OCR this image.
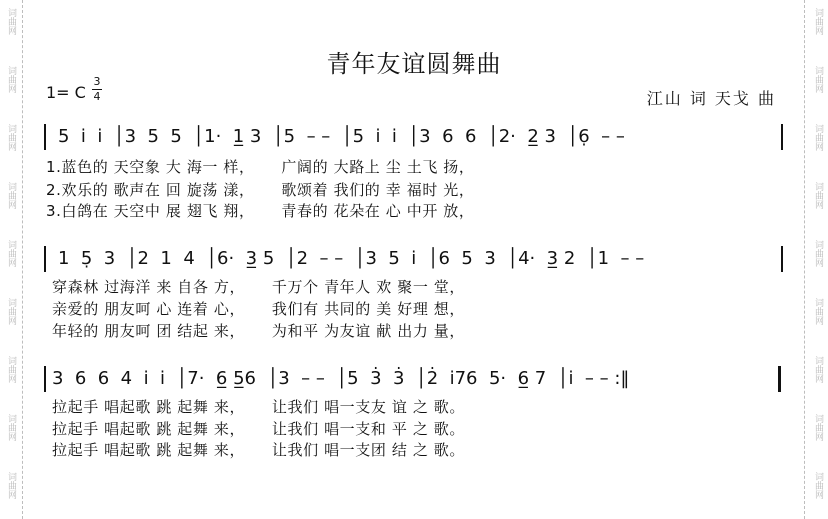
词曲网
词曲网
词曲网
词曲网
词曲网
词曲网
词曲网
词曲网
词曲网
词曲网
词曲网
词曲网
词曲网
词曲网
词曲网
词曲网
词曲网
词曲网
青年友谊圆舞曲
1= C
3
4	江山 词 天戈 曲
5  i̇  i̇  │3  5  5  │1·  1̲ 3  │5  – –  │5  i̇  i̇  │3  6  6  │2·  2̲ 3  │6̣  – –
1.蓝色的 天空象 大 海一 样，     广阔的 大路上 尘 土飞 扬，
2.欢乐的 歌声在 回 旋荡 漾，     歌颂着 我们的 幸 福时 光，
3.白鸽在 天空中 展 翅飞 翔，     青春的 花朵在 心 中开 放，
1  5̣  3  │2  1  4  │6·  3̲ 5  │2  – –  │3  5  i̇  │6  5  3  │4·  3̲ 2  │1  – –
穿森林 过海洋 来 自各 方，     千万个 青年人 欢 聚一 堂，
亲爱的 朋友呵 心 连着 心，     我们有 共同的 美 好理 想，
年轻的 朋友呵 团 结起 来，     为和平 为友谊 献 出力 量，
3  6  6  4  i̇  i̇  │7·  6̲ 5̲6  │3  – –  │5  3̇  3̇  │2̇  i̇76  5·  6̲ 7  │i̇  – – :‖
拉起手 唱起歌 跳 起舞 来，     让我们 唱一支友 谊 之 歌。
拉起手 唱起歌 跳 起舞 来，     让我们 唱一支和 平 之 歌。
拉起手 唱起歌 跳 起舞 来，     让我们 唱一支团 结 之 歌。
